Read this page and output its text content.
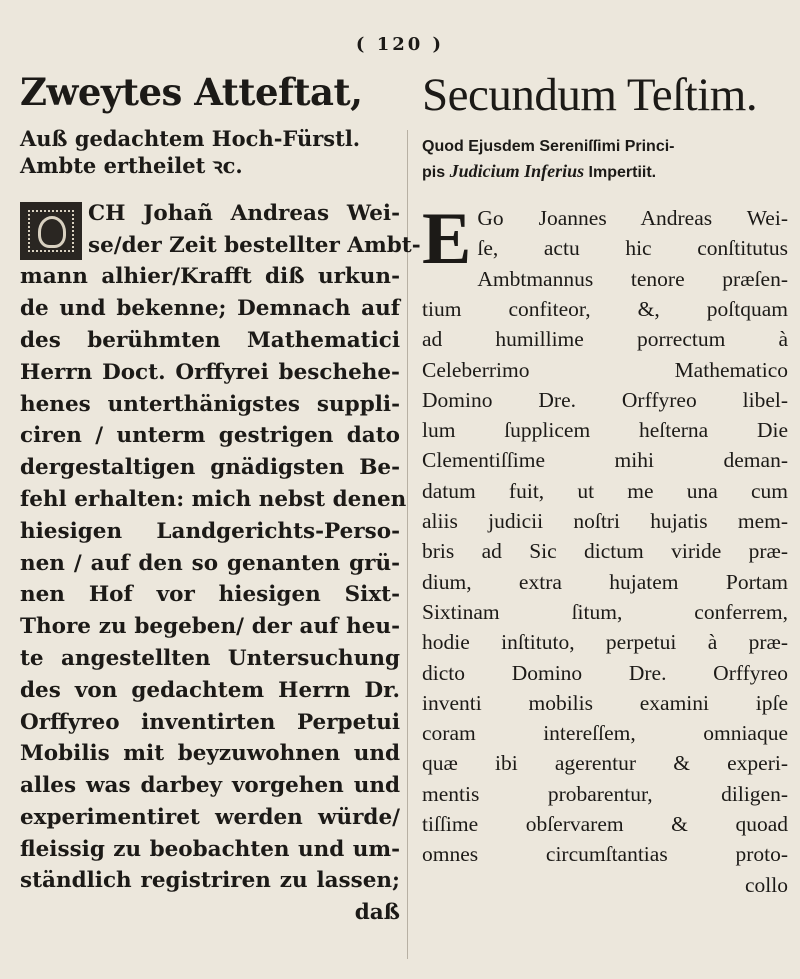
( 120 )
Zweytes Atteftat,
Auß gedachtem Hoch-Fürstl.
Ambte ertheilet ꝛc.
CH Johañ Andreas Wei-
se/der Zeit bestellter Ambt-
mann alhier/Krafft diß urkun-
de und bekenne; Demnach auf
des berühmten Mathematici
Herrn Doct. Orffyrei beschehe-
henes unterthänigstes suppli-
ciren / unterm gestrigen dato
dergestaltigen gnädigsten Be-
fehl erhalten: mich nebst denen
hiesigen Landgerichts-Perso-
nen / auf den so genanten grü-
nen Hof vor hiesigen Sixt-
Thore zu begeben/ der auf heu-
te angestellten Untersuchung
des von gedachtem Herrn Dr.
Orffyreo inventirten Perpetui
Mobilis mit beyzuwohnen und
alles was darbey vorgehen und
experimentiret werden würde/
fleissig zu beobachten und um-
ständlich registriren zu lassen;
daß
Secundum Teſtim.
Quod Ejusdem Sereniſſimi Princi-
pis Judicium Inferius Impertiit.
E Go Joannes Andreas Wei-
ſe, actu hic conſtitutus
Ambtmannus tenore præſen-
tium confiteor, &, poſtquam
ad humillime porrectum à
Celeberrimo Mathematico
Domino Dre. Orffyreo libel-
lum ſupplicem heſterna Die
Clementiſſime mihi deman-
datum fuit, ut me una cum
aliis judicii noſtri hujatis mem-
bris ad Sic dictum viride præ-
dium, extra hujatem Portam
Sixtinam ſitum, conferrem,
hodie inſtituto, perpetui à præ-
dicto Domino Dre. Orffyreo
inventi mobilis examini ipſe
coram intereſſem, omniaque
quæ ibi agerentur & experi-
mentis probarentur, diligen-
tiſſime obſervarem & quoad
omnes circumſtantias proto-
collo
